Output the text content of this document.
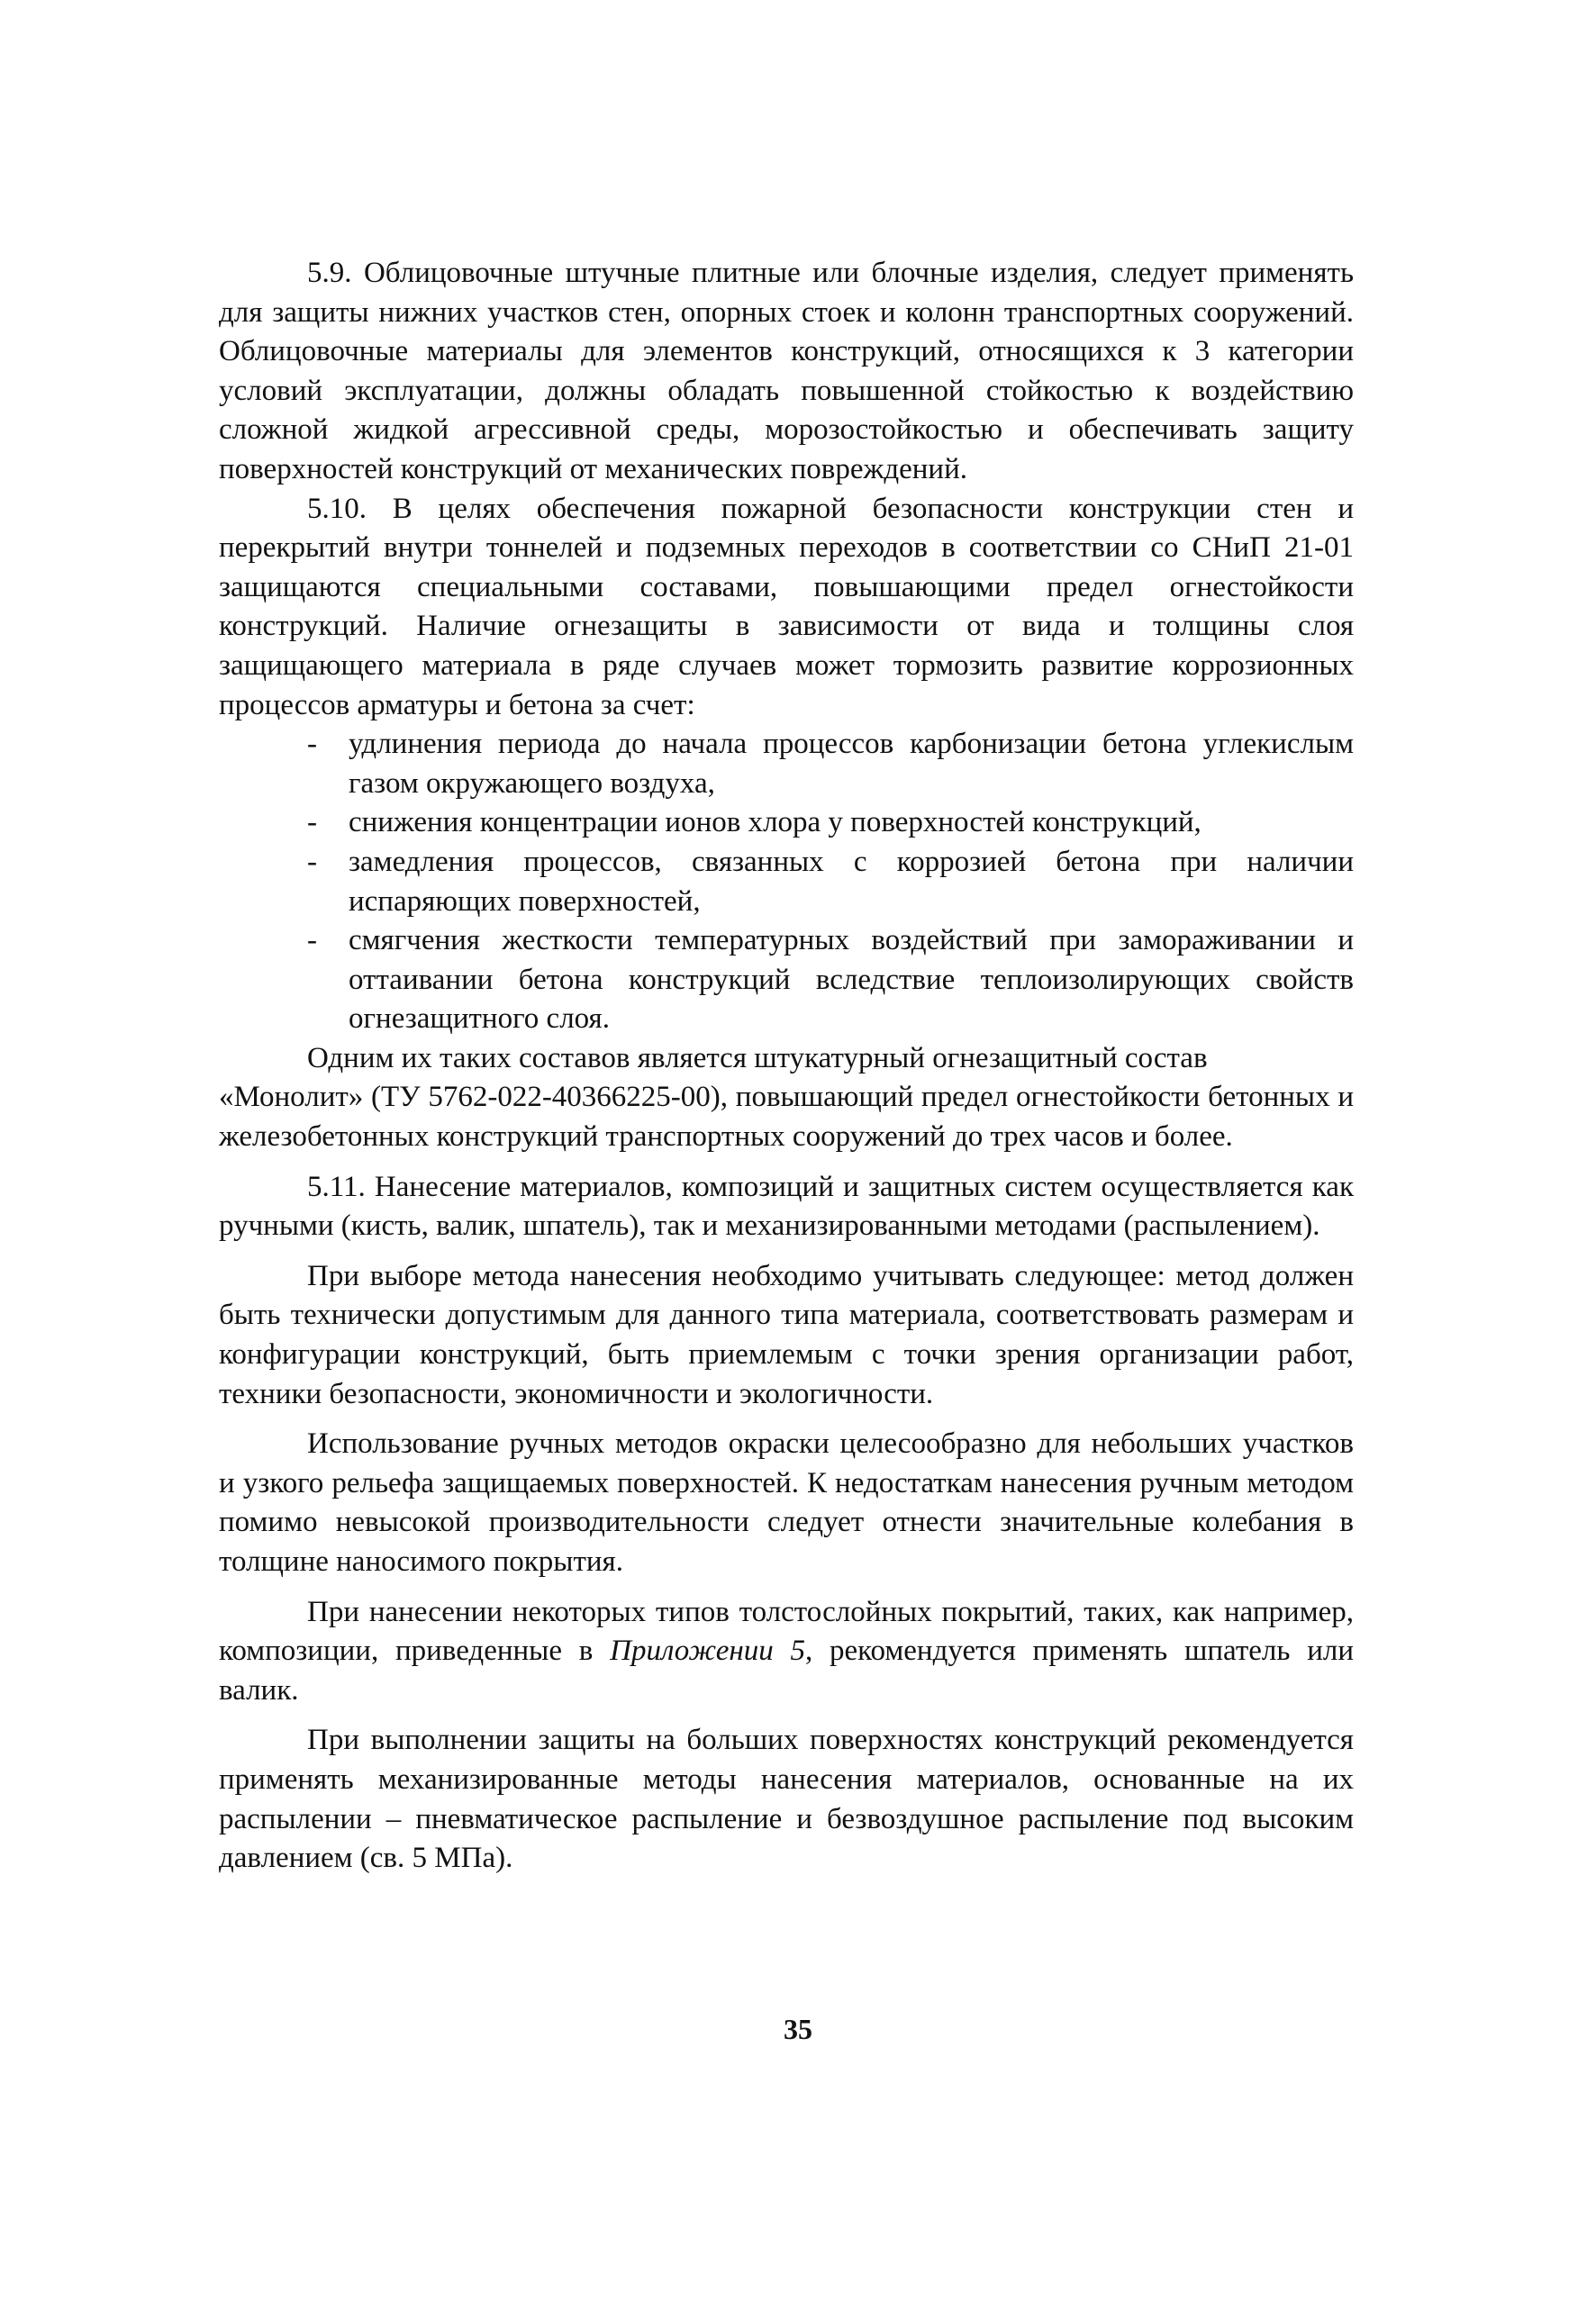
5.9. Облицовочные штучные плитные или блочные изделия, следует применять для защиты нижних участков стен, опорных стоек и колонн транспортных сооружений. Облицовочные материалы для элементов конструкций, относящихся к 3 категории условий эксплуатации, должны обладать повышенной стойкостью к воздействию сложной жидкой агрессивной среды, морозостойкостью и обеспечивать защиту поверхностей конструкций от механических повреждений.

5.10. В целях обеспечения пожарной безопасности конструкции стен и перекрытий внутри тоннелей и подземных переходов в соответствии со СНиП 21-01 защищаются специальными составами, повышающими предел огнестойкости конструкций. Наличие огнезащиты в зависимости от вида и толщины слоя защищающего материала в ряде случаев может тормозить развитие коррозионных процессов арматуры и бетона за счет:

- удлинения периода до начала процессов карбонизации бетона углекислым газом окружающего воздуха,
- снижения концентрации ионов хлора у поверхностей конструкций,
- замедления процессов, связанных с коррозией бетона при наличии испаряющих поверхностей,
- смягчения жесткости температурных воздействий при замораживании и оттаивании бетона конструкций вследствие теплоизолирующих свойств огнезащитного слоя.

Одним их таких составов является штукатурный огнезащитный состав

«Монолит» (ТУ 5762-022-40366225-00), повышающий предел огнестойкости бетонных и железобетонных конструкций транспортных сооружений до трех часов и более.

5.11. Нанесение материалов, композиций и защитных систем осуществляется как ручными (кисть, валик, шпатель), так и механизированными методами (распылением).

При выборе метода нанесения необходимо учитывать следующее: метод должен быть технически допустимым для данного типа материала, соответствовать размерам и конфигурации конструкций, быть приемлемым с точки зрения организации работ, техники безопасности, экономичности и экологичности.

Использование ручных методов окраски целесообразно для небольших участков и узкого рельефа защищаемых поверхностей. К недостаткам нанесения ручным методом помимо невысокой производительности следует отнести значительные колебания в толщине наносимого покрытия.

При нанесении некоторых типов толстослойных покрытий, таких, как например, композиции, приведенные в Приложении 5, рекомендуется применять шпатель или валик.

При выполнении защиты на больших поверхностях конструкций рекомендуется применять механизированные методы нанесения материалов, основанные на их распылении – пневматическое распыление и безвоздушное распыление под высоким давлением (св. 5 МПа).

35
